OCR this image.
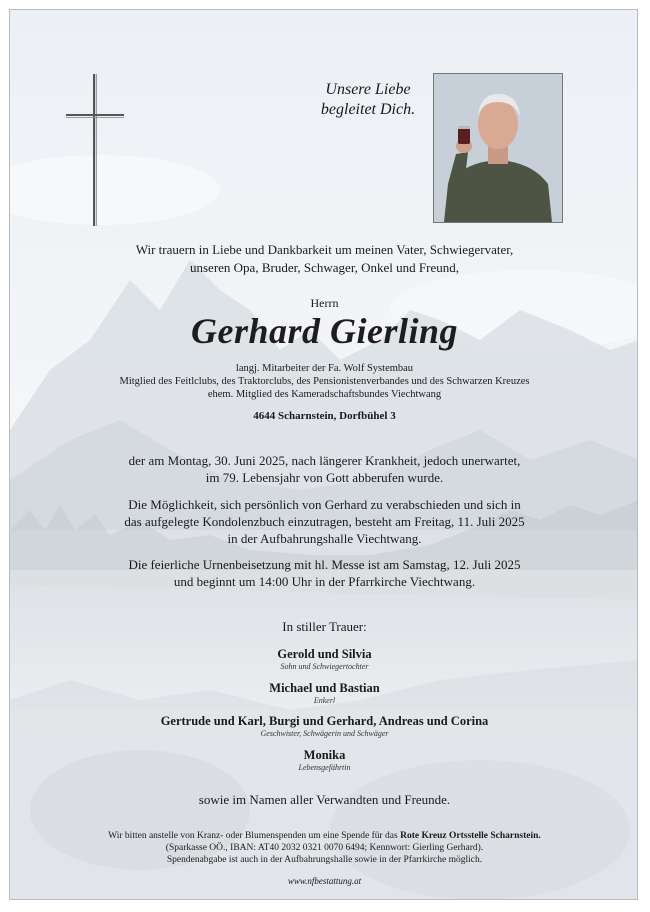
Unsere Liebe
begleitet Dich.
Wir trauern in Liebe und Dankbarkeit um meinen Vater, Schwiegervater,
unseren Opa, Bruder, Schwager, Onkel und Freund,
Herrn
Gerhard Gierling
langj. Mitarbeiter der Fa. Wolf Systembau
Mitglied des Feitlclubs, des Traktorclubs, des Pensionistenverbandes und des Schwarzen Kreuzes
ehem. Mitglied des Kameradschaftsbundes Viechtwang
4644 Scharnstein, Dorfbühel 3
der am Montag, 30. Juni 2025, nach längerer Krankheit, jedoch unerwartet,
im 79. Lebensjahr von Gott abberufen wurde.
Die Möglichkeit, sich persönlich von Gerhard zu verabschieden und sich in
das aufgelegte Kondolenzbuch einzutragen, besteht am Freitag, 11. Juli 2025
in der Aufbahrungshalle Viechtwang.
Die feierliche Urnenbeisetzung mit hl. Messe ist am Samstag, 12. Juli 2025
und beginnt um 14:00 Uhr in der Pfarrkirche Viechtwang.
In stiller Trauer:
Gerold und Silvia
Sohn und Schwiegertochter
Michael und Bastian
Enkerl
Gertrude und Karl, Burgi und Gerhard, Andreas und Corina
Geschwister, Schwägerin und Schwäger
Monika
Lebensgefährtin
sowie im Namen aller Verwandten und Freunde.
Wir bitten anstelle von Kranz- oder Blumenspenden um eine Spende für das Rote Kreuz Ortsstelle Scharnstein.
(Sparkasse OÖ., IBAN: AT40 2032 0321 0070 6494; Kennwort: Gierling Gerhard).
Spendenabgabe ist auch in der Aufbahrungshalle sowie in der Pfarrkirche möglich.
www.nfbestattung.at
